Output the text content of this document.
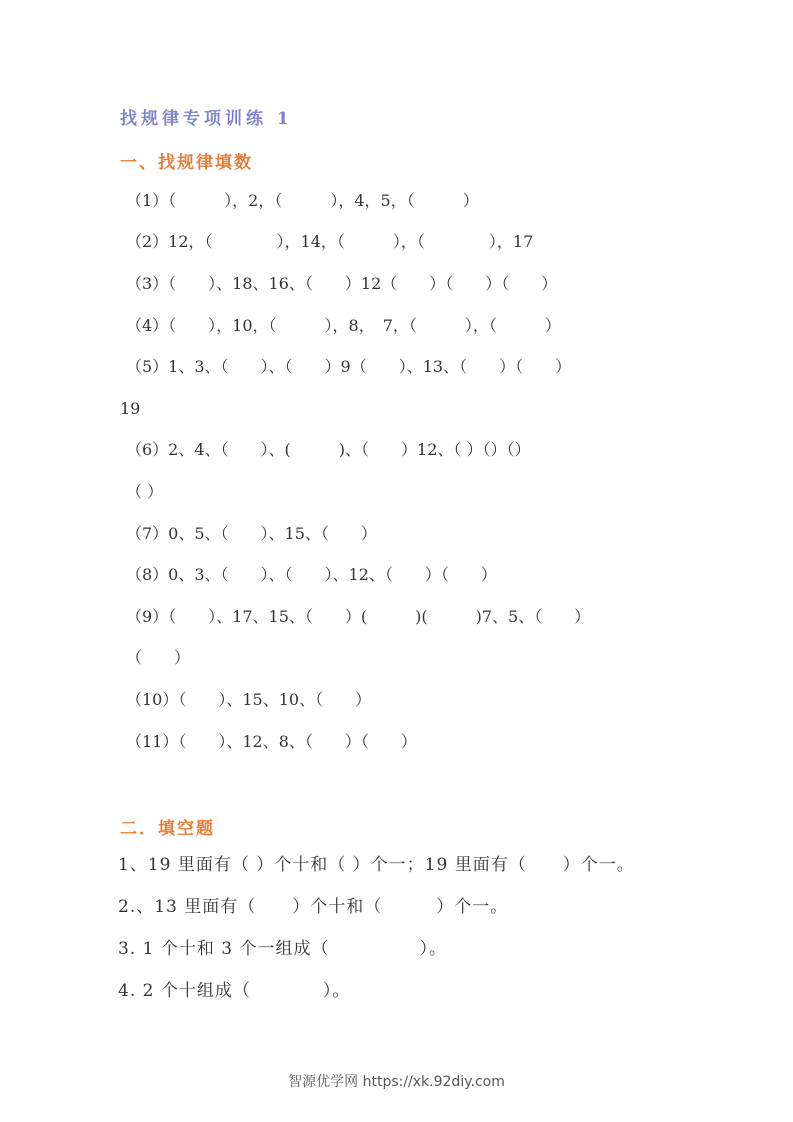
找规律专项训练 1
一、找规律填数
（1）（　　　），2，（　　　），4，5，（　　　）
（2）12，（　　　　），14，（　　　），（　　　　），17
（3）（　　）、18、16、（　　）12（　　）（　　）（　　）
（4）（　　），10，（　　　），8，　7，（　　　），（　　　）
（5）1、3、（　　）、（　　）9（　　）、13、（　　）（　　）
19
（6）2、4、（　　）、(　　　)、（　　）12、（ ）（）（）
（ ）
（7）0、5、（　　）、15、（　　）
（8）0、3、（　　）、（　　）、12、（　　）（　　）
（9）（　　）、17、15、（　　）(　　　)(　　　)7、5、（　　）
（　　）
（10）（　　）、15、10、（　　）
（11）（　　）、12、8、（　　）（　　）
二．填空题
1、19 里面有（ ）个十和（ ）个一；19 里面有（　　）个一。
2.、13 里面有（　　）个十和（　　　）个一。
3. 1 个十和 3 个一组成（　　　　　）。
4. 2 个十组成（　　　　）。
智源优学网 https://xk.92diy.com
